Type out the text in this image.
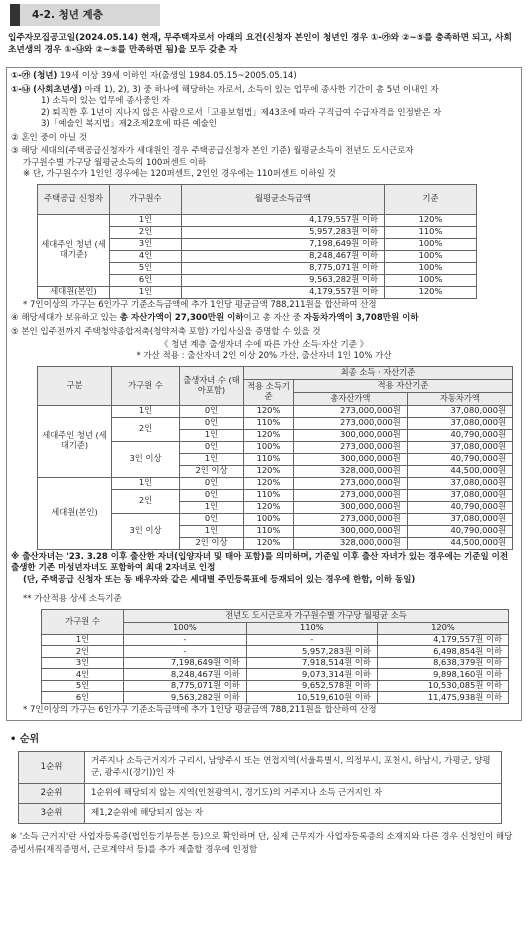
4-2. 청년 계층
입주자모집공고일(2024.05.14) 현재, 무주택자로서 아래의 요건(신청자 본인이 청년인 경우 ①-㉮와 ②~⑤를 충족하면 되고, 사회초년생의 경우 ①-㉯와 ②~⑤를 만족하면 됨)을 모두 갖춘 자

①-㉮ (청년) 19세 이상 39세 이하인 자(출생일 1984.05.15~2005.05.14)

①-㉯ (사회초년생) 아래 1), 2), 3) 중 하나에 해당하는 자로서, 소득이 있는 업무에 종사한 기간이 총 5년 이내인 자

1) 소득이 있는 업무에 종사중인 자

2) 퇴직한 후 1년이 지나지 않은 사람으로서「고용보험법」제43조에 따라 구직급여 수급자격을 인정받은 자

3)「예술인 복지법」제2조제2호에 따른 예술인

② 혼인 중이 아닐 것

③ 해당 세대의(주택공급신청자가 세대원인 경우 주택공급신청자 본인 기준) 월평균소득이 전년도 도시근로자

가구원수별 가구당 월평균소득의 100퍼센트 이하

※ 단, 가구원수가 1인인 경우에는 120퍼센트, 2인인 경우에는 110퍼센트 이하일 것

주택공급 신청자	가구원수	월평균소득금액	기준
세대주인 청년 (세대기준)	1인	4,179,557원 이하	120%
	2인	5,957,283원 이하	110%
	3인	7,198,649원 이하	100%
	4인	8,248,467원 이하	100%
	5인	8,775,071원 이하	100%
	6인	9,563,282원 이하	100%
세대원(본인)	1인	4,179,557원 이하	120%

* 7인이상의 가구는 6인가구 기준소득금액에 추가 1인당 평균금액 788,211원을 합산하여 산정

④ 해당세대가 보유하고 있는 총 자산가액이 27,300만원 이하이고 총 자산 중 자동차가액이 3,708만원 이하

⑤ 본인 입주전까지 주택청약종합저축(청약저축 포함) 가입사실을 증명할 수 있을 것

《 청년 계층 출생자녀 수에 따른 가산 소득·자산 기준 》

* 가산 적용 : 출산자녀 2인 이상 20% 가산, 출산자녀 1인 10% 가산

구분	가구원 수	출생자녀 수 (태아포함)	최종 소득 · 자산기준		
			적용 소득기준	적용 자산기준	
				총자산가액	자동차가액
세대주인 청년 (세대기준)	1인	0인	120%	273,000,000원	37,080,000원
	2인	0인	110%	273,000,000원	37,080,000원
		1인	120%	300,000,000원	40,790,000원
	3인 이상	0인	100%	273,000,000원	37,080,000원
		1인	110%	300,000,000원	40,790,000원
		2인 이상	120%	328,000,000원	44,500,000원
세대원(본인)	1인	0인	120%	273,000,000원	37,080,000원
	2인	0인	110%	273,000,000원	37,080,000원
		1인	120%	300,000,000원	40,790,000원
	3인 이상	0인	100%	273,000,000원	37,080,000원
		1인	110%	300,000,000원	40,790,000원
		2인 이상	120%	328,000,000원	44,500,000원

※ 출산자녀는 '23. 3.28 이후 출산한 자녀(입양자녀 및 태아 포함)를 의미하며, 기준일 이후 출산 자녀가 있는 경우에는 기준일 이전 출생한 기존 미성년자녀도 포함하여 최대 2자녀로 인정

(단, 주택공급 신청자 또는 동 배우자와 같은 세대별 주민등록표에 등재되어 있는 경우에 한함, 이하 동일)

** 가산적용 상세 소득기준

가구원 수	전년도 도시근로자 가구원수별 가구당 월평균 소득		
	100%	110%	120%
1인	-	-	4,179,557원 이하
2인	-	5,957,283원 이하	6,498,854원 이하
3인	7,198,649원 이하	7,918,514원 이하	8,638,379원 이하
4인	8,248,467원 이하	9,073,314원 이하	9,898,160원 이하
5인	8,775,071원 이하	9,652,578원 이하	10,530,085원 이하
6인	9,563,282원 이하	10,519,610원 이하	11,475,938원 이하

* 7인이상의 가구는 6인가구 기준소득금액에 추가 1인당 평균금액 788,211원을 합산하여 산정

• 순위
1순위	거주지나 소득근거지가 구리시, 남양주시 또는 연접지역(서울특별시, 의정부시, 포천시, 하남시, 가평군, 양평군, 광주시(경기))인 자
2순위	1순위에 해당되지 않는 지역(인천광역시, 경기도)의 거주지나 소득 근거지인 자
3순위	제1,2순위에 해당되지 않는 자

※ '소득 근거지'란 사업자등록증(법인등기부등본 등)으로 확인하며 단, 실제 근무지가 사업자등록증의 소재지와 다른 경우 신청인이 해당 증빙서류(재직증명서, 근로계약서 등)를 추가 제출할 경우에 인정함
